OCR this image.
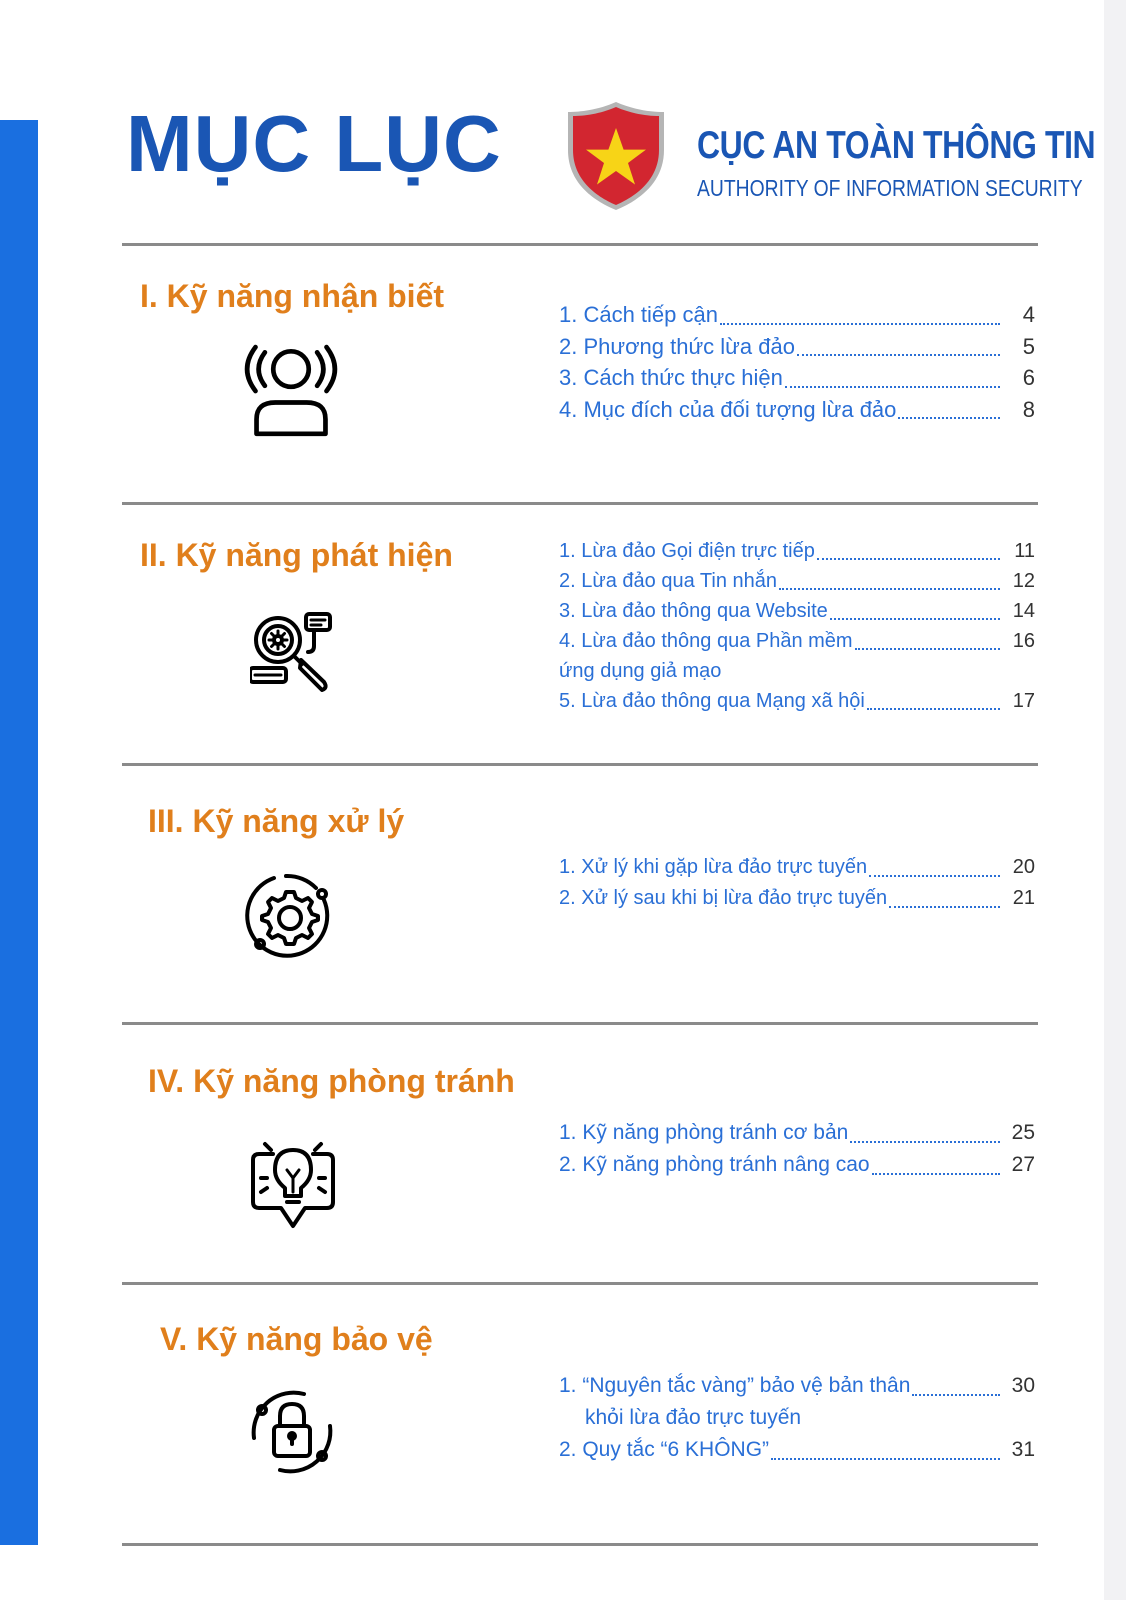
MỤC LỤC	CỤC AN TOÀN THÔNG TIN
AUTHORITY OF INFORMATION SECURITY
I. Kỹ năng nhận biết
1. Cách tiếp cận	4
2. Phương thức lừa đảo	5
3. Cách thức thực hiện	6
4. Mục đích của đối tượng lừa đảo	8
II. Kỹ năng phát hiện	1. Lừa đảo Gọi điện trực tiếp	11
2. Lừa đảo qua Tin nhắn	12
3. Lừa đảo thông qua Website	14
4. Lừa đảo thông qua Phần mềm	16
ứng dụng giả mạo
5. Lừa đảo thông qua Mạng xã hội	17
III. Kỹ năng xử lý
1. Xử lý khi gặp lừa đảo trực tuyến	20
2. Xử lý sau khi bị lừa đảo trực tuyến	21
IV. Kỹ năng phòng tránh
1. Kỹ năng phòng tránh cơ bản	25
2. Kỹ năng phòng tránh nâng cao	27
V. Kỹ năng bảo vệ
1. “Nguyên tắc vàng” bảo vệ bản thân	30
khỏi lừa đảo trực tuyến
2. Quy tắc “6 KHÔNG”	31
